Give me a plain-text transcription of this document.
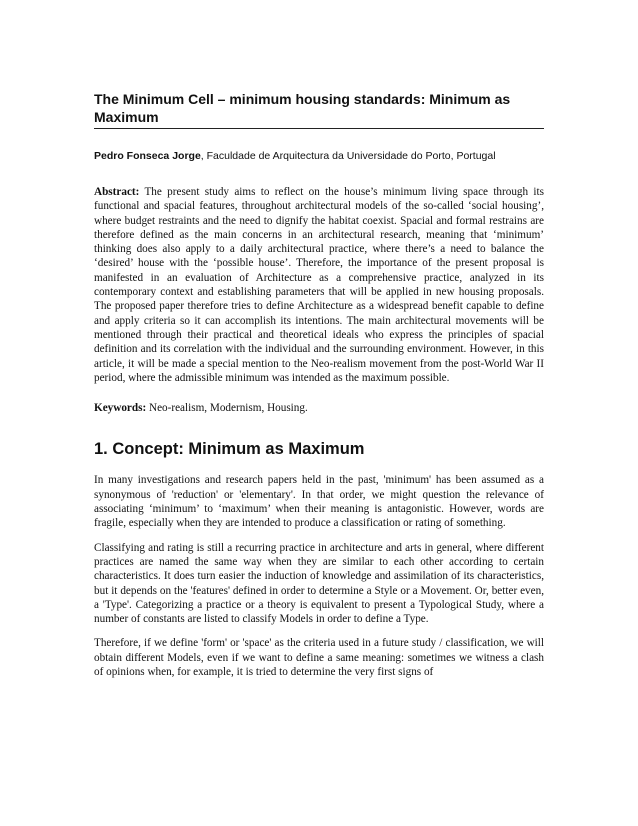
The Minimum Cell – minimum housing standards: Minimum as Maximum

Pedro Fonseca Jorge, Faculdade de Arquitectura da Universidade do Porto, Portugal

Abstract: The present study aims to reflect on the house’s minimum living space through its functional and spacial features, throughout architectural models of the so-called ‘social housing’, where budget restraints and the need to dignify the habitat coexist. Spacial and formal restrains are therefore defined as the main concerns in an architectural research, meaning that ‘minimum’ thinking does also apply to a daily architectural practice, where there’s a need to balance the ‘desired’ house with the ‘possible house’. Therefore, the importance of the present proposal is manifested in an evaluation of Architecture as a comprehensive practice, analyzed in its contemporary context and establishing parameters that will be applied in new housing proposals. The proposed paper therefore tries to define Architecture as a widespread benefit capable to define and apply criteria so it can accomplish its intentions. The main architectural movements will be mentioned through their practical and theoretical ideals who express the principles of spacial definition and its correlation with the individual and the surrounding environment. However, in this article, it will be made a special mention to the Neo-realism movement from the post-World War II period, where the admissible minimum was intended as the maximum possible.

Keywords: Neo-realism, Modernism, Housing.

1. Concept: Minimum as Maximum

In many investigations and research papers held in the past, 'minimum' has been assumed as a synonymous of 'reduction' or 'elementary'. In that order, we might question the relevance of associating ‘minimum’ to ‘maximum’ when their meaning is antagonistic. However, words are fragile, especially when they are intended to produce a classification or rating of something.

Classifying and rating is still a recurring practice in architecture and arts in general, where different practices are named the same way when they are similar to each other according to certain characteristics. It does turn easier the induction of knowledge and assimilation of its characteristics, but it depends on the 'features' defined in order to determine a Style or a Movement. Or, better even, a 'Type'. Categorizing a practice or a theory is equivalent to present a Typological Study, where a number of constants are listed to classify Models in order to define a Type.

Therefore, if we define 'form' or 'space' as the criteria used in a future study / classification, we will obtain different Models, even if we want to define a same meaning: sometimes we witness a clash of opinions when, for example, it is tried to determine the very first signs of
